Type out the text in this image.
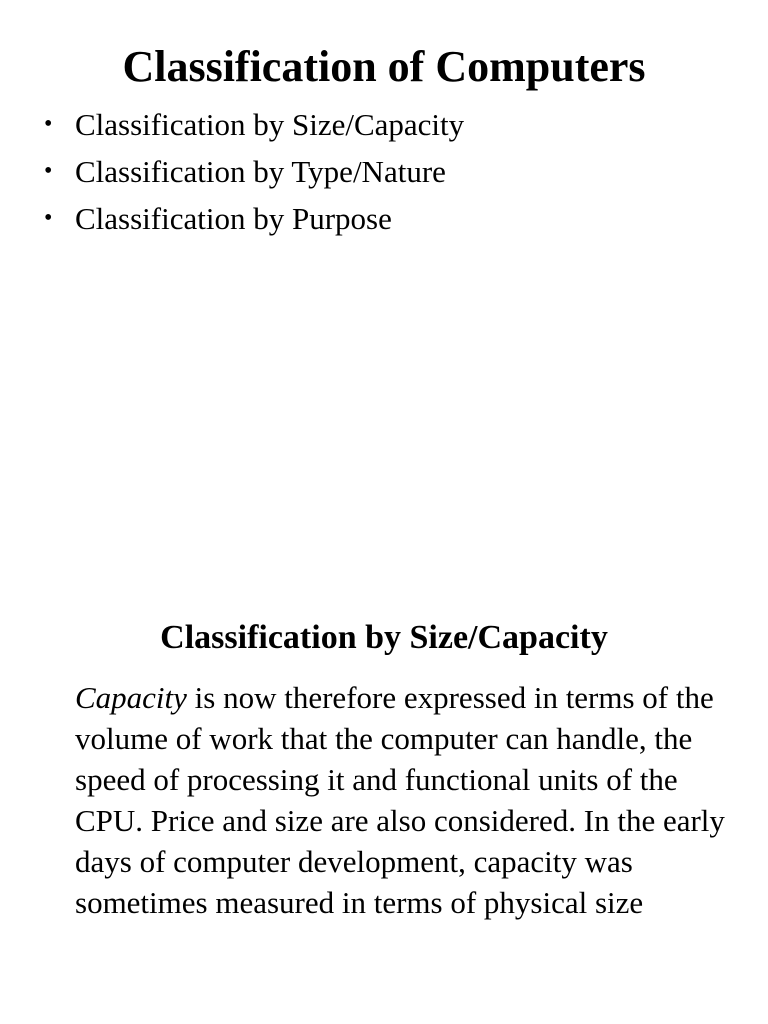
Classification of Computers
• Classification by Size/Capacity
• Classification by Type/Nature
• Classification by Purpose
Classification by Size/Capacity

Capacity is now therefore expressed in terms of the volume of work that the computer can handle, the speed of processing it and functional units of the CPU. Price and size are also considered. In the early days of computer development, capacity was sometimes measured in terms of physical size
